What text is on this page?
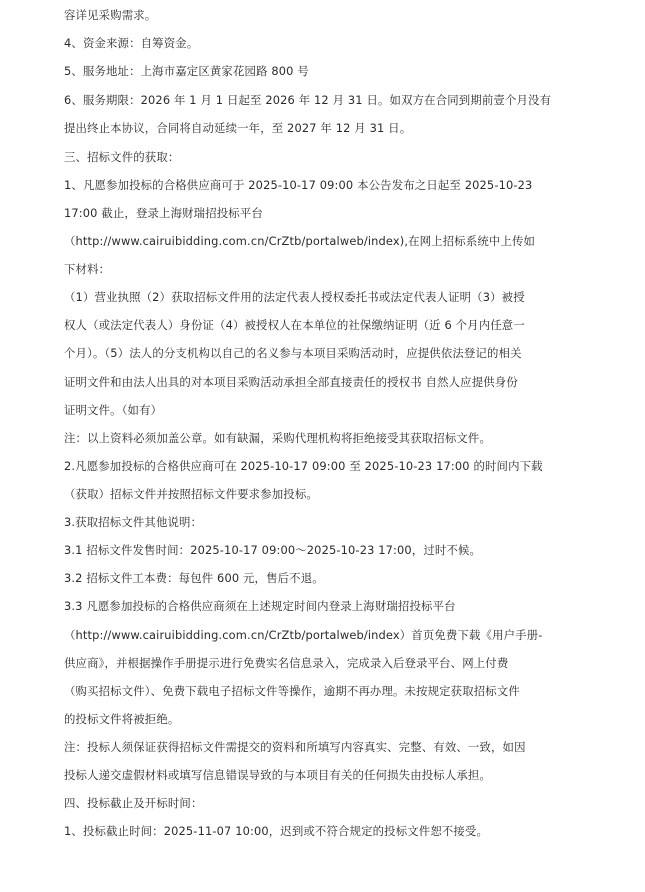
容详见采购需求。
4、资金来源：自筹资金。
5、服务地址：上海市嘉定区黄家花园路 800 号
6、服务期限：2026 年 1 月 1 日起至 2026 年 12 月 31 日。如双方在合同到期前壹个月没有
提出终止本协议，合同将自动延续一年，至 2027 年 12 月 31 日。
三、招标文件的获取：
1、凡愿参加投标的合格供应商可于 2025-10-17 09:00 本公告发布之日起至 2025-10-23
17:00 截止，登录上海财瑞招投标平台
（http://www.cairuibidding.com.cn/CrZtb/portalweb/index),在网上招标系统中上传如
下材料：
（1）营业执照（2）获取招标文件用的法定代表人授权委托书或法定代表人证明（3）被授
权人（或法定代表人）身份证（4）被授权人在本单位的社保缴纳证明（近 6 个月内任意一
个月）。（5）法人的分支机构以自己的名义参与本项目采购活动时，应提供依法登记的相关
证明文件和由法人出具的对本项目采购活动承担全部直接责任的授权书 自然人应提供身份
证明文件。（如有）
注：以上资料必须加盖公章。如有缺漏，采购代理机构将拒绝接受其获取招标文件。
2.凡愿参加投标的合格供应商可在 2025-10-17 09:00 至 2025-10-23 17:00 的时间内下载
（获取）招标文件并按照招标文件要求参加投标。
3.获取招标文件其他说明：
3.1 招标文件发售时间：2025-10-17 09:00～2025-10-23 17:00，过时不候。
3.2 招标文件工本费：每包件 600 元，售后不退。
3.3 凡愿参加投标的合格供应商须在上述规定时间内登录上海财瑞招投标平台
（http://www.cairuibidding.com.cn/CrZtb/portalweb/index）首页免费下载《用户手册-
供应商》，并根据操作手册提示进行免费实名信息录入，完成录入后登录平台、网上付费
（购买招标文件）、免费下载电子招标文件等操作，逾期不再办理。未按规定获取招标文件
的投标文件将被拒绝。
注：投标人须保证获得招标文件需提交的资料和所填写内容真实、完整、有效、一致，如因
投标人递交虚假材料或填写信息错误导致的与本项目有关的任何损失由投标人承担。
四、投标截止及开标时间：
1、投标截止时间：2025-11-07 10:00，迟到或不符合规定的投标文件恕不接受。
